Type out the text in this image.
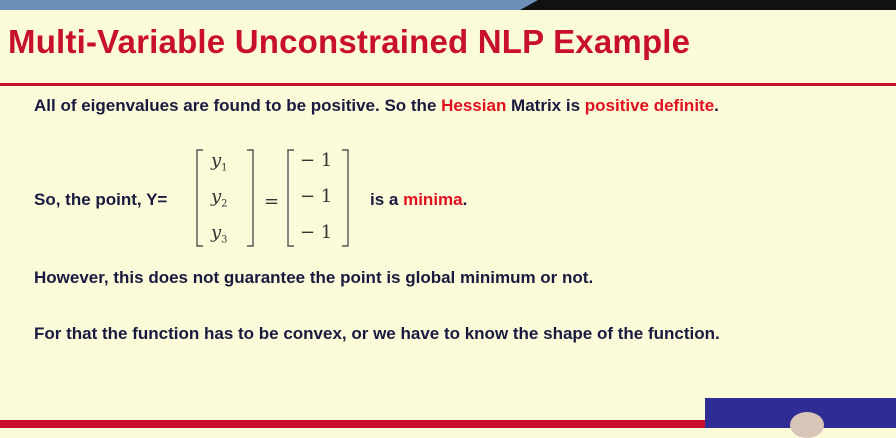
Multi-Variable Unconstrained NLP Example
All of eigenvalues are found to be positive. So the Hessian Matrix is positive definite.
So, the point, Y=
$y_1$
$y_2$
$y_3$
=
− 1
− 1
− 1
is a minima.
However, this does not guarantee the point is global minimum or not.
For that the function has to be convex, or we have to know the shape of the function.
